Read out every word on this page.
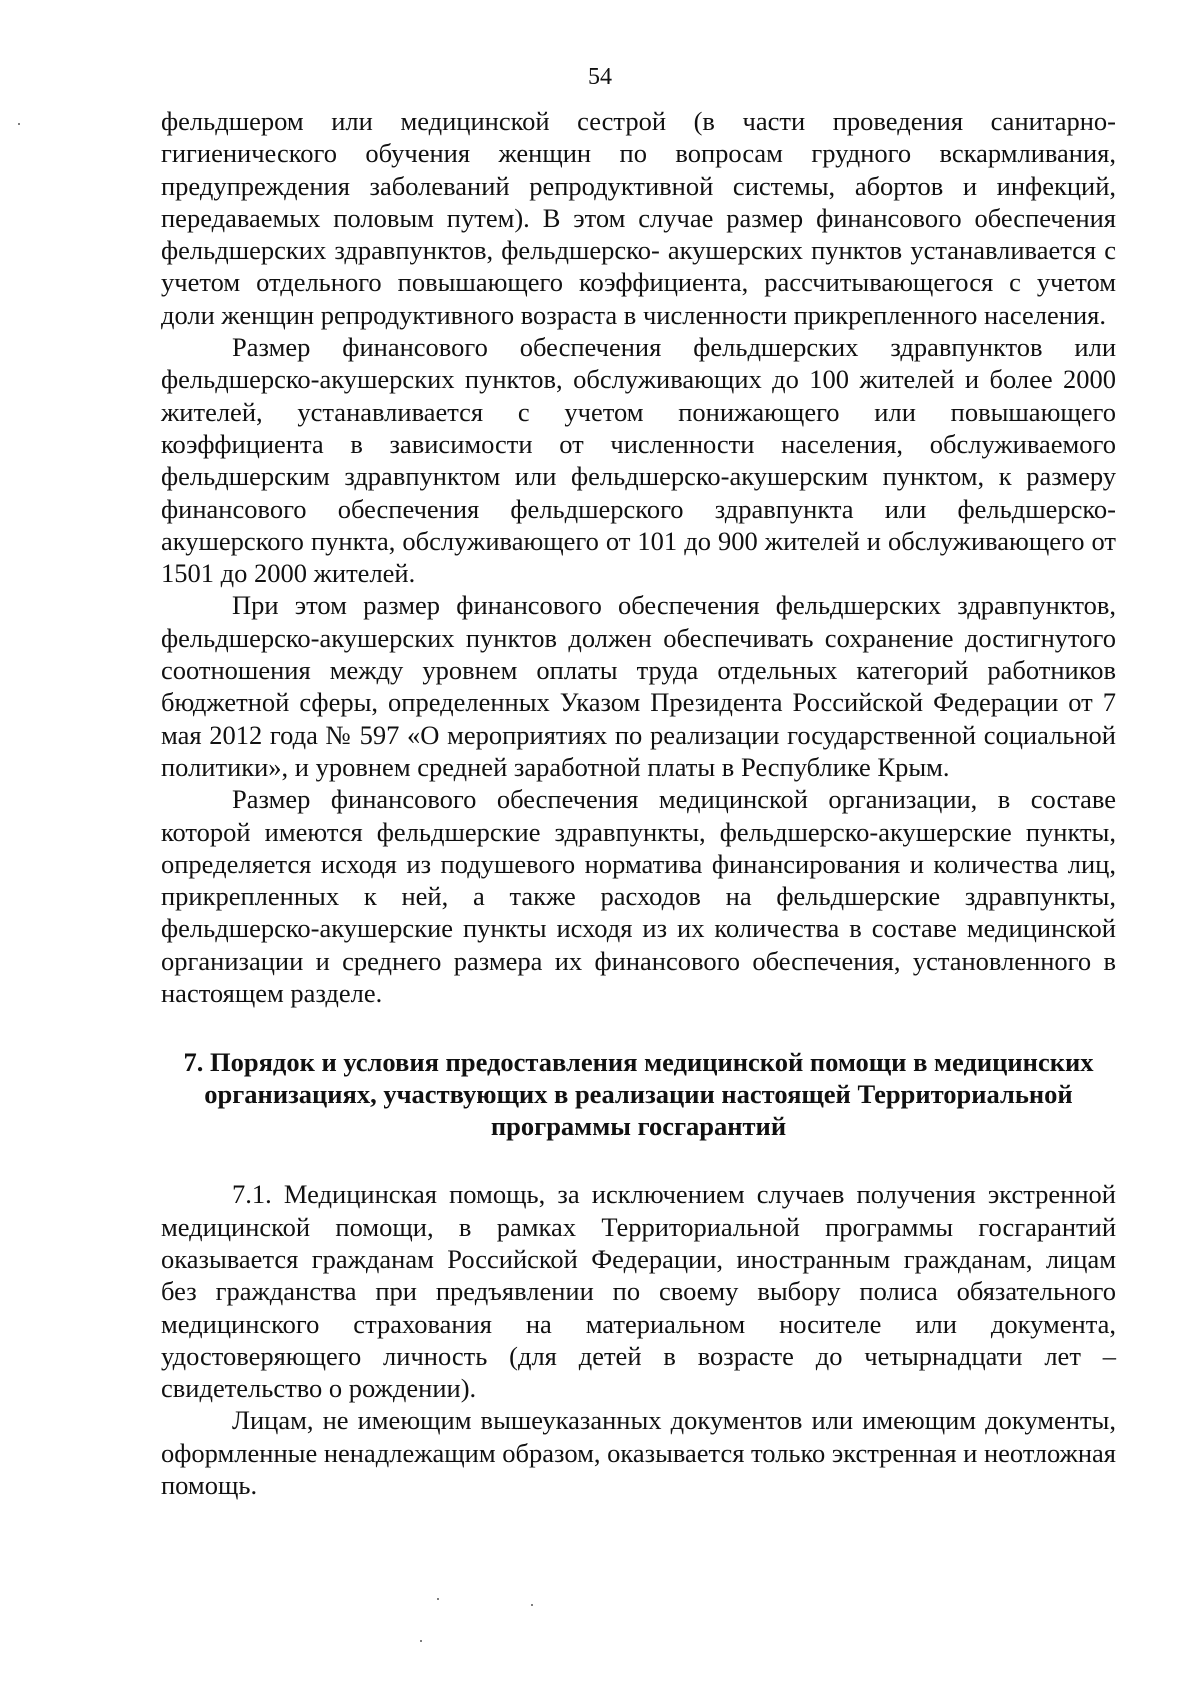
54

фельдшером или медицинской сестрой (в части проведения санитарно-гигиенического обучения женщин по вопросам грудного вскармливания, предупреждения заболеваний репродуктивной системы, абортов и инфекций, передаваемых половым путем). В этом случае размер финансового обеспечения фельдшерских здравпунктов, фельдшерско- акушерских пунктов устанавливается с учетом отдельного повышающего коэффициента, рассчитывающегося с учетом доли женщин репродуктивного возраста в численности прикрепленного населения.

Размер финансового обеспечения фельдшерских здравпунктов или фельдшерско-акушерских пунктов, обслуживающих до 100 жителей и более 2000 жителей, устанавливается с учетом понижающего или повышающего коэффициента в зависимости от численности населения, обслуживаемого фельдшерским здравпунктом или фельдшерско-акушерским пунктом, к размеру финансового обеспечения фельдшерского здравпункта или фельдшерско-акушерского пункта, обслуживающего от 101 до 900 жителей и обслуживающего от 1501 до 2000 жителей.

При этом размер финансового обеспечения фельдшерских здравпунктов, фельдшерско-акушерских пунктов должен обеспечивать сохранение достигнутого соотношения между уровнем оплаты труда отдельных категорий работников бюджетной сферы, определенных Указом Президента Российской Федерации от 7 мая 2012 года № 597 «О мероприятиях по реализации государственной социальной политики», и уровнем средней заработной платы в Республике Крым.

Размер финансового обеспечения медицинской организации, в составе которой имеются фельдшерские здравпункты, фельдшерско-акушерские пункты, определяется исходя из подушевого норматива финансирования и количества лиц, прикрепленных к ней, а также расходов на фельдшерские здравпункты, фельдшерско-акушерские пункты исходя из их количества в составе медицинской организации и среднего размера их финансового обеспечения, установленного в настоящем разделе.

7. Порядок и условия предоставления медицинской помощи в медицинских организациях, участвующих в реализации настоящей Территориальной программы госгарантий

7.1. Медицинская помощь, за исключением случаев получения экстренной медицинской помощи, в рамках Территориальной программы госгарантий оказывается гражданам Российской Федерации, иностранным гражданам, лицам без гражданства при предъявлении по своему выбору полиса обязательного медицинского страхования на материальном носителе или документа, удостоверяющего личность (для детей в возрасте до четырнадцати лет – свидетельство о рождении).

Лицам, не имеющим вышеуказанных документов или имеющим документы, оформленные ненадлежащим образом, оказывается только экстренная и неотложная помощь.
